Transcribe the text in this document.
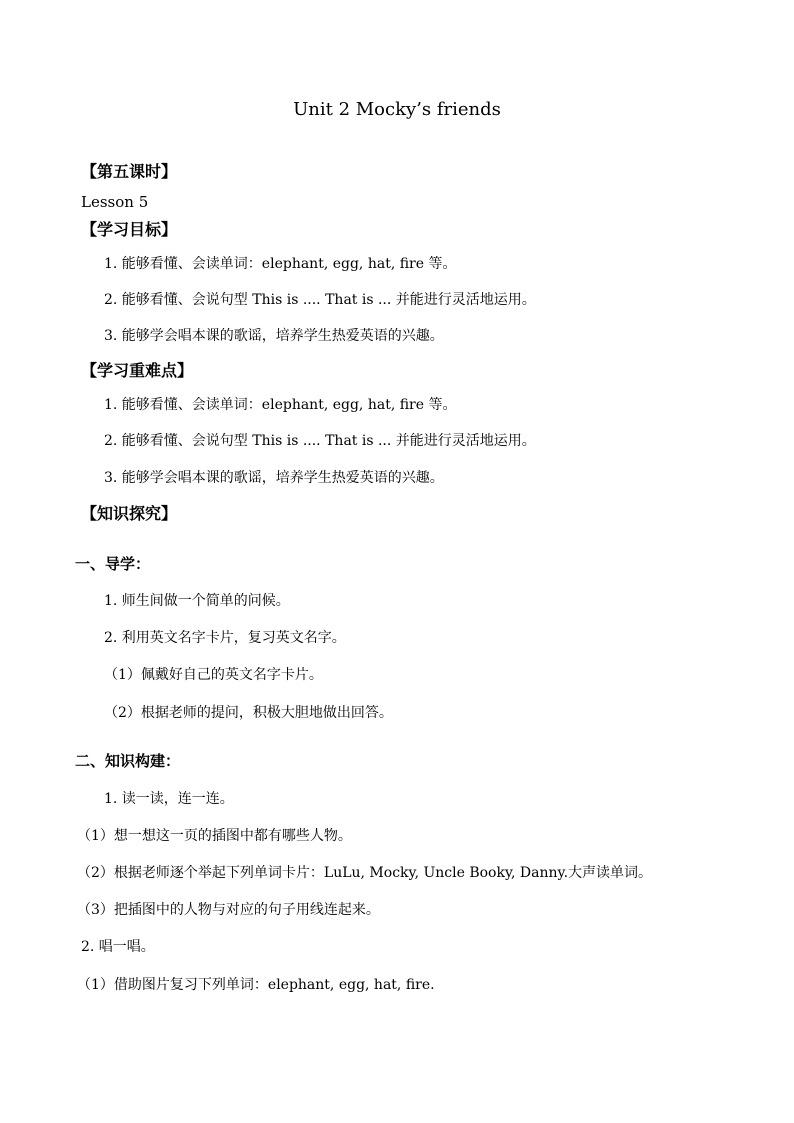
Unit 2 Mocky’s friends
【第五课时】
Lesson 5
【学习目标】
1. 能够看懂、会读单词：elephant, egg, hat, fire 等。
2. 能够看懂、会说句型 This is .... That is ... 并能进行灵活地运用。
3. 能够学会唱本课的歌谣，培养学生热爱英语的兴趣。
【学习重难点】
1. 能够看懂、会读单词：elephant, egg, hat, fire 等。
2. 能够看懂、会说句型 This is .... That is ... 并能进行灵活地运用。
3. 能够学会唱本课的歌谣，培养学生热爱英语的兴趣。
【知识探究】
一、导学：
1. 师生间做一个简单的问候。
2. 利用英文名字卡片，复习英文名字。
（1）佩戴好自己的英文名字卡片。
（2）根据老师的提问，积极大胆地做出回答。
二、知识构建：
1. 读一读，连一连。
（1）想一想这一页的插图中都有哪些人物。
（2）根据老师逐个举起下列单词卡片：LuLu, Mocky, Uncle Booky, Danny.大声读单词。
（3）把插图中的人物与对应的句子用线连起来。
2. 唱一唱。
（1）借助图片复习下列单词：elephant, egg, hat, fire.
